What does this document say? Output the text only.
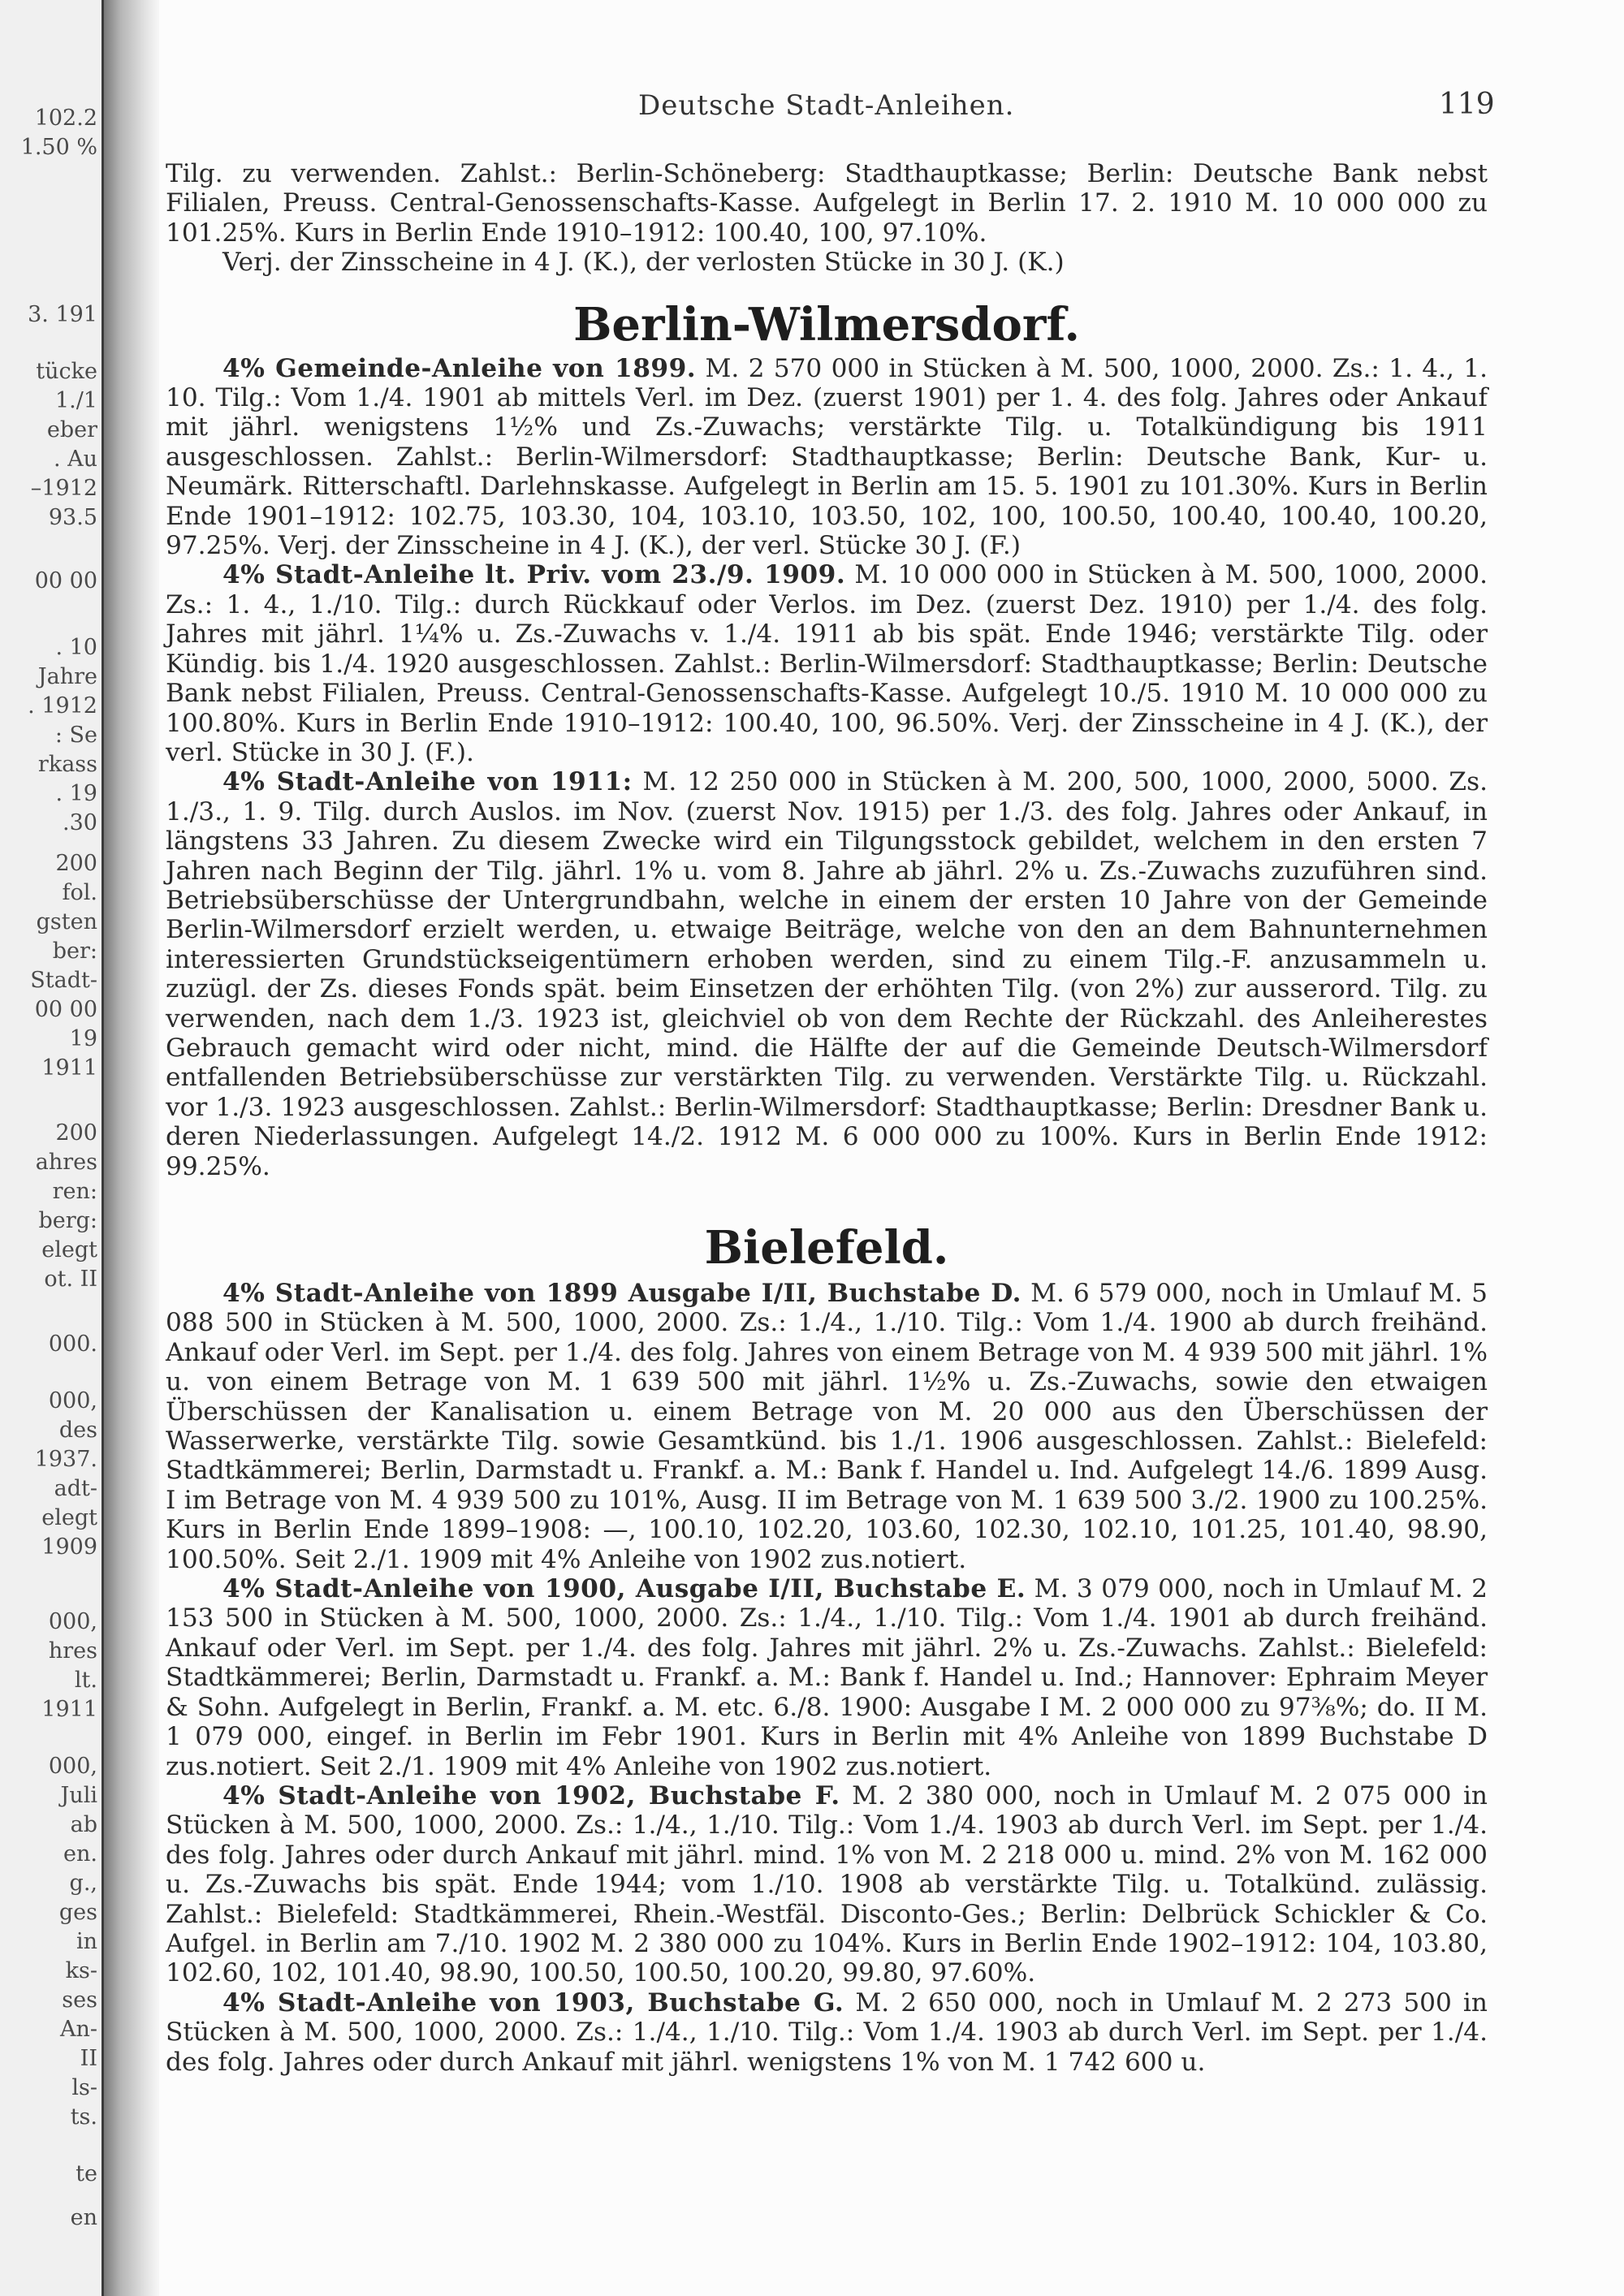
102.2
1.50 %
3. 191
tücke
1./1
eber
. Au
–1912
93.5
00 00
. 10
Jahre
. 1912
: Se
rkass
. 19
.30
200
fol.
gsten
ber:
Stadt-
00 00
19
1911
200
ahres
ren:
berg:
elegt
ot. II
000.
000,
des
1937.
adt-
elegt
1909
000,
hres
lt.
1911
000,
Juli
ab
en.
g.,
ges
in
ks-
ses
An-
II
ls-
ts.
te
en
Deutsche Stadt-Anleihen.	119

Tilg. zu verwenden. Zahlst.: Berlin-Schöneberg: Stadthauptkasse; Berlin: Deutsche Bank nebst Filialen, Preuss. Central-Genossenschafts-Kasse. Aufgelegt in Berlin 17. 2. 1910 M. 10 000 000 zu 101.25%. Kurs in Berlin Ende 1910–1912: 100.40, 100, 97.10%.

Verj. der Zinsscheine in 4 J. (K.), der verlosten Stücke in 30 J. (K.)

Berlin-Wilmersdorf.

4% Gemeinde-Anleihe von 1899. M. 2 570 000 in Stücken à M. 500, 1000, 2000. Zs.: 1. 4., 1. 10. Tilg.: Vom 1./4. 1901 ab mittels Verl. im Dez. (zuerst 1901) per 1. 4. des folg. Jahres oder Ankauf mit jährl. wenigstens 1½% und Zs.-Zuwachs; verstärkte Tilg. u. Totalkündigung bis 1911 ausgeschlossen. Zahlst.: Berlin-Wilmersdorf: Stadthauptkasse; Berlin: Deutsche Bank, Kur- u. Neumärk. Ritterschaftl. Darlehnskasse. Aufgelegt in Berlin am 15. 5. 1901 zu 101.30%. Kurs in Berlin Ende 1901–1912: 102.75, 103.30, 104, 103.10, 103.50, 102, 100, 100.50, 100.40, 100.40, 100.20, 97.25%. Verj. der Zinsscheine in 4 J. (K.), der verl. Stücke 30 J. (F.)

4% Stadt-Anleihe lt. Priv. vom 23./9. 1909. M. 10 000 000 in Stücken à M. 500, 1000, 2000. Zs.: 1. 4., 1./10. Tilg.: durch Rückkauf oder Verlos. im Dez. (zuerst Dez. 1910) per 1./4. des folg. Jahres mit jährl. 1¼% u. Zs.-Zuwachs v. 1./4. 1911 ab bis spät. Ende 1946; verstärkte Tilg. oder Kündig. bis 1./4. 1920 ausgeschlossen. Zahlst.: Berlin-Wilmersdorf: Stadthauptkasse; Berlin: Deutsche Bank nebst Filialen, Preuss. Central-Genossenschafts-Kasse. Aufgelegt 10./5. 1910 M. 10 000 000 zu 100.80%. Kurs in Berlin Ende 1910–1912: 100.40, 100, 96.50%. Verj. der Zinsscheine in 4 J. (K.), der verl. Stücke in 30 J. (F.).

4% Stadt-Anleihe von 1911: M. 12 250 000 in Stücken à M. 200, 500, 1000, 2000, 5000. Zs. 1./3., 1. 9. Tilg. durch Auslos. im Nov. (zuerst Nov. 1915) per 1./3. des folg. Jahres oder Ankauf, in längstens 33 Jahren. Zu diesem Zwecke wird ein Tilgungsstock gebildet, welchem in den ersten 7 Jahren nach Beginn der Tilg. jährl. 1% u. vom 8. Jahre ab jährl. 2% u. Zs.-Zuwachs zuzuführen sind. Betriebsüberschüsse der Untergrundbahn, welche in einem der ersten 10 Jahre von der Gemeinde Berlin-Wilmersdorf erzielt werden, u. etwaige Beiträge, welche von den an dem Bahnunternehmen interessierten Grundstückseigentümern erhoben werden, sind zu einem Tilg.-F. anzusammeln u. zuzügl. der Zs. dieses Fonds spät. beim Einsetzen der erhöhten Tilg. (von 2%) zur ausserord. Tilg. zu verwenden, nach dem 1./3. 1923 ist, gleichviel ob von dem Rechte der Rückzahl. des Anleiherestes Gebrauch gemacht wird oder nicht, mind. die Hälfte der auf die Gemeinde Deutsch-Wilmersdorf entfallenden Betriebsüberschüsse zur verstärkten Tilg. zu verwenden. Verstärkte Tilg. u. Rückzahl. vor 1./3. 1923 ausgeschlossen. Zahlst.: Berlin-Wilmersdorf: Stadthauptkasse; Berlin: Dresdner Bank u. deren Niederlassungen. Aufgelegt 14./2. 1912 M. 6 000 000 zu 100%. Kurs in Berlin Ende 1912: 99.25%.

Bielefeld.

4% Stadt-Anleihe von 1899 Ausgabe I/II, Buchstabe D. M. 6 579 000, noch in Umlauf M. 5 088 500 in Stücken à M. 500, 1000, 2000. Zs.: 1./4., 1./10. Tilg.: Vom 1./4. 1900 ab durch freihänd. Ankauf oder Verl. im Sept. per 1./4. des folg. Jahres von einem Betrage von M. 4 939 500 mit jährl. 1% u. von einem Betrage von M. 1 639 500 mit jährl. 1½% u. Zs.-Zuwachs, sowie den etwaigen Überschüssen der Kanalisation u. einem Betrage von M. 20 000 aus den Überschüssen der Wasserwerke, verstärkte Tilg. sowie Gesamtkünd. bis 1./1. 1906 ausgeschlossen. Zahlst.: Bielefeld: Stadtkämmerei; Berlin, Darmstadt u. Frankf. a. M.: Bank f. Handel u. Ind. Aufgelegt 14./6. 1899 Ausg. I im Betrage von M. 4 939 500 zu 101%, Ausg. II im Betrage von M. 1 639 500 3./2. 1900 zu 100.25%. Kurs in Berlin Ende 1899–1908: —, 100.10, 102.20, 103.60, 102.30, 102.10, 101.25, 101.40, 98.90, 100.50%. Seit 2./1. 1909 mit 4% Anleihe von 1902 zus.notiert.

4% Stadt-Anleihe von 1900, Ausgabe I/II, Buchstabe E. M. 3 079 000, noch in Umlauf M. 2 153 500 in Stücken à M. 500, 1000, 2000. Zs.: 1./4., 1./10. Tilg.: Vom 1./4. 1901 ab durch freihänd. Ankauf oder Verl. im Sept. per 1./4. des folg. Jahres mit jährl. 2% u. Zs.-Zuwachs. Zahlst.: Bielefeld: Stadtkämmerei; Berlin, Darmstadt u. Frankf. a. M.: Bank f. Handel u. Ind.; Hannover: Ephraim Meyer & Sohn. Aufgelegt in Berlin, Frankf. a. M. etc. 6./8. 1900: Ausgabe I M. 2 000 000 zu 97⅜%; do. II M. 1 079 000, eingef. in Berlin im Febr 1901. Kurs in Berlin mit 4% Anleihe von 1899 Buchstabe D zus.notiert. Seit 2./1. 1909 mit 4% Anleihe von 1902 zus.notiert.

4% Stadt-Anleihe von 1902, Buchstabe F. M. 2 380 000, noch in Umlauf M. 2 075 000 in Stücken à M. 500, 1000, 2000. Zs.: 1./4., 1./10. Tilg.: Vom 1./4. 1903 ab durch Verl. im Sept. per 1./4. des folg. Jahres oder durch Ankauf mit jährl. mind. 1% von M. 2 218 000 u. mind. 2% von M. 162 000 u. Zs.-Zuwachs bis spät. Ende 1944; vom 1./10. 1908 ab verstärkte Tilg. u. Totalkünd. zulässig. Zahlst.: Bielefeld: Stadtkämmerei, Rhein.-Westfäl. Disconto-Ges.; Berlin: Delbrück Schickler & Co. Aufgel. in Berlin am 7./10. 1902 M. 2 380 000 zu 104%. Kurs in Berlin Ende 1902–1912: 104, 103.80, 102.60, 102, 101.40, 98.90, 100.50, 100.50, 100.20, 99.80, 97.60%.

4% Stadt-Anleihe von 1903, Buchstabe G. M. 2 650 000, noch in Umlauf M. 2 273 500 in Stücken à M. 500, 1000, 2000. Zs.: 1./4., 1./10. Tilg.: Vom 1./4. 1903 ab durch Verl. im Sept. per 1./4. des folg. Jahres oder durch Ankauf mit jährl. wenigstens 1% von M. 1 742 600 u.
